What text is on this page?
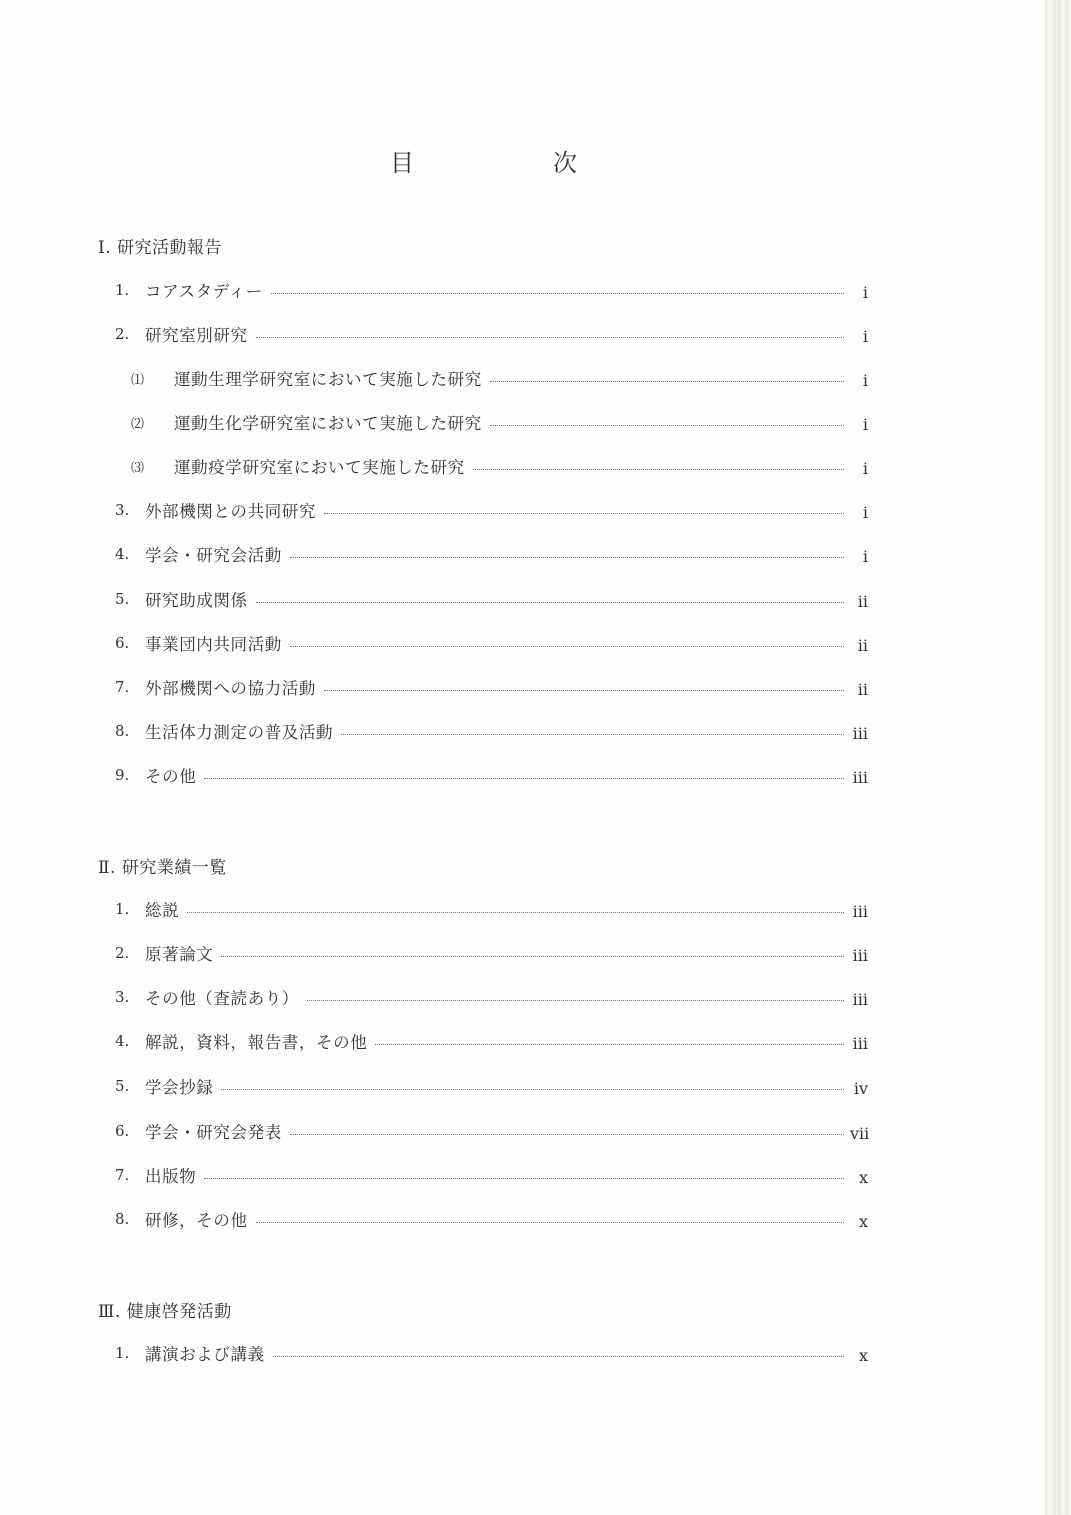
目	次
Ⅰ. 研究活動報告
1. コアスタディー	i
2. 研究室別研究	i
⑴	運動生理学研究室において実施した研究	i
⑵	運動生化学研究室において実施した研究	i
⑶	運動疫学研究室において実施した研究	i
3. 外部機関との共同研究	i
4. 学会・研究会活動	i
5. 研究助成関係	ii
6. 事業団内共同活動	ii
7. 外部機関への協力活動	ii
8. 生活体力測定の普及活動	iii
9. その他	iii
Ⅱ. 研究業績一覧
1. 総説	iii
2. 原著論文	iii
3. その他（査読あり）	iii
4. 解説，資料，報告書，その他	iii
5. 学会抄録	iv
6. 学会・研究会発表	vii
7. 出版物	x
8. 研修，その他	x
Ⅲ. 健康啓発活動
1. 講演および講義	x
